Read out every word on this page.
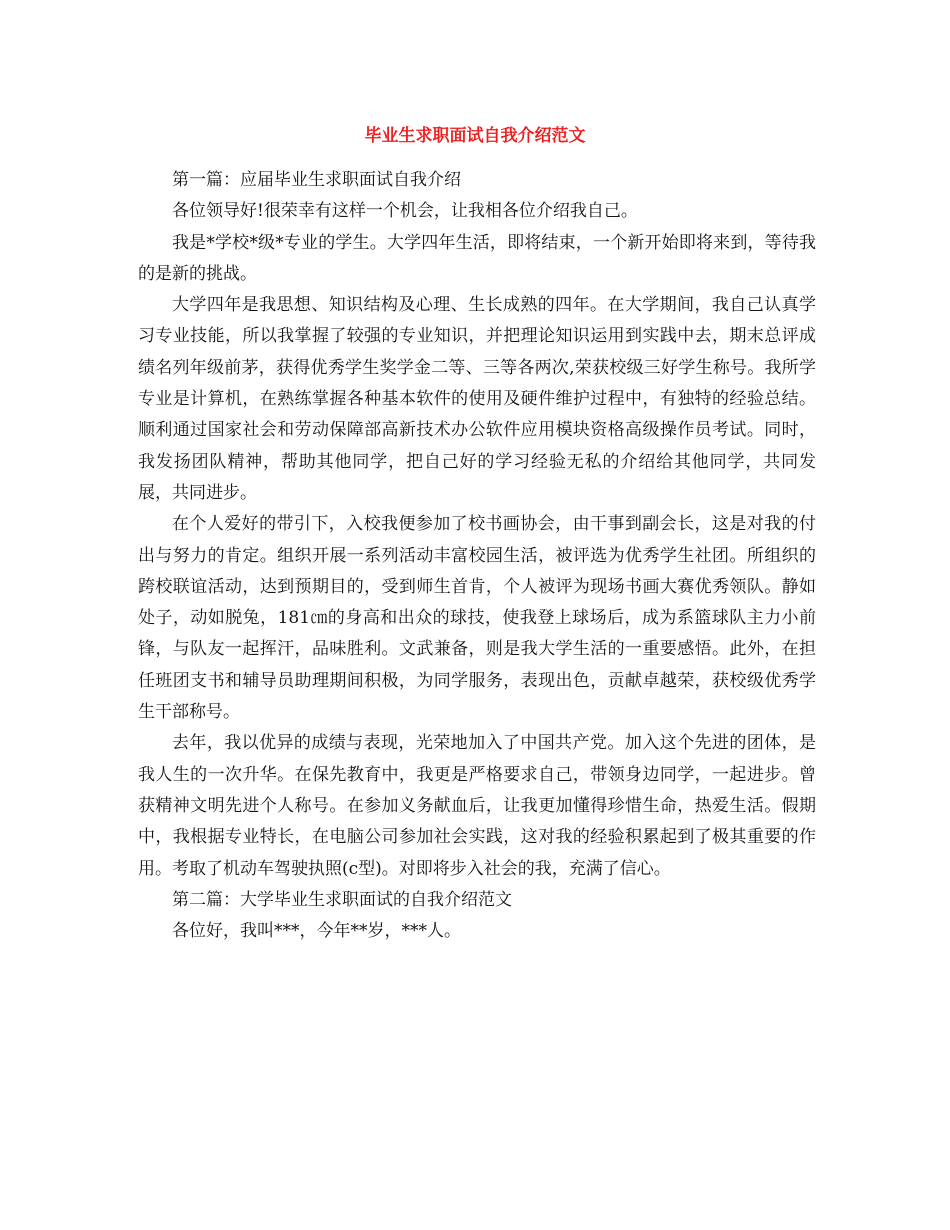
毕业生求职面试自我介绍范文

第一篇：应届毕业生求职面试自我介绍

各位领导好!很荣幸有这样一个机会，让我相各位介绍我自己。

我是*学校*级*专业的学生。大学四年生活，即将结束，一个新开始即将来到，等待我的是新的挑战。

大学四年是我思想、知识结构及心理、生长成熟的四年。在大学期间，我自己认真学习专业技能，所以我掌握了较强的专业知识，并把理论知识运用到实践中去，期末总评成绩名列年级前茅，获得优秀学生奖学金二等、三等各两次,荣获校级三好学生称号。我所学专业是计算机，在熟练掌握各种基本软件的使用及硬件维护过程中，有独特的经验总结。顺利通过国家社会和劳动保障部高新技术办公软件应用模块资格高级操作员考试。同时，我发扬团队精神，帮助其他同学，把自己好的学习经验无私的介绍给其他同学，共同发展，共同进步。

在个人爱好的带引下，入校我便参加了校书画协会，由干事到副会长，这是对我的付出与努力的肯定。组织开展一系列活动丰富校园生活，被评选为优秀学生社团。所组织的跨校联谊活动，达到预期目的，受到师生首肯，个人被评为现场书画大赛优秀领队。静如处子，动如脱兔，181㎝的身高和出众的球技，使我登上球场后，成为系篮球队主力小前锋，与队友一起挥汗，品味胜利。文武兼备，则是我大学生活的一重要感悟。此外，在担任班团支书和辅导员助理期间积极，为同学服务，表现出色，贡献卓越荣，获校级优秀学生干部称号。

去年，我以优异的成绩与表现，光荣地加入了中国共产党。加入这个先进的团体，是我人生的一次升华。在保先教育中，我更是严格要求自己，带领身边同学，一起进步。曾获精神文明先进个人称号。在参加义务献血后，让我更加懂得珍惜生命，热爱生活。假期中，我根据专业特长，在电脑公司参加社会实践，这对我的经验积累起到了极其重要的作用。考取了机动车驾驶执照(c型)。对即将步入社会的我，充满了信心。

第二篇：大学毕业生求职面试的自我介绍范文

各位好，我叫***，今年**岁，***人。
